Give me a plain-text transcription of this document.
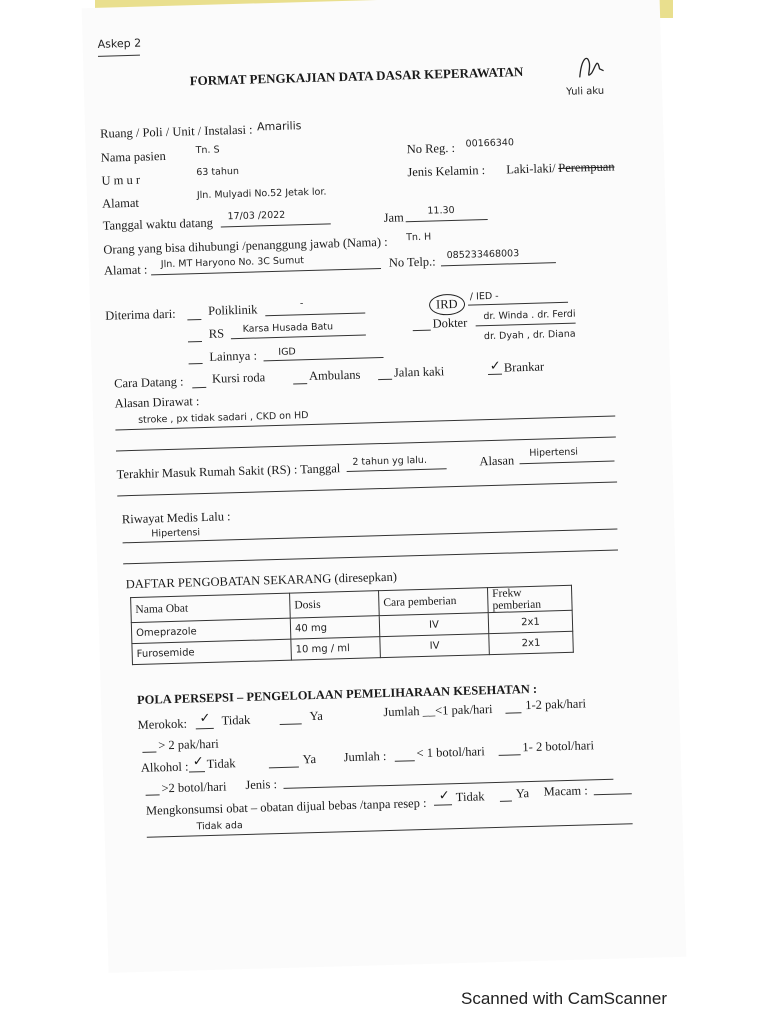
Askep 2
FORMAT PENGKAJIAN DATA DASAR KEPERAWATAN
Yuli aku
Ruang / Poli / Unit / Instalasi : Amarilis
Nama pasien	Tn. S	No Reg. : 00166340
U m u r
63 tahun	Jenis Kelamin : Laki-laki/ Perempuan
Alamat
Jln. Mulyadi No.52 Jetak lor.
Tanggal waktu datang 17/03 /2022	Jam 11.30
Orang yang bisa dihubungi /penanggung jawab (Nama) : Tn. H
Alamat : Jln. MT Haryono No. 3C Sumut	No Telp.: 085233468003
Diterima dari:	Poliklinik	-	IRD
/ IED -
RS Karsa Husada Batu	Dokter
dr. Winda . dr. Ferdi
dr. Dyah , dr. Diana
Lainnya : IGD
Cara Datang : Kursi roda	Ambulans	Jalan kaki	✓ Brankar
Alasan Dirawat :
stroke , px tidak sadari , CKD on HD
Terakhir Masuk Rumah Sakit (RS) : Tanggal 2 tahun yg lalu.	Alasan
Hipertensi
Riwayat Medis Lalu :
Hipertensi
DAFTAR PENGOBATAN SEKARANG (diresepkan)
Nama Obat	Dosis	Cara pemberian	Frekw pemberian
Omeprazole	40 mg	IV	2x1
Furosemide	10 mg / ml	IV	2x1
POLA PERSEPSI – PENGELOLAAN PEMELIHARAAN KESEHATAN :
Merokok: ✓ Tidak	Ya	Jumlah __<1 pak/hari	1-2 pak/hari
> 2 pak/hari
Alkohol : ✓ Tidak	Ya Jumlah : < 1 botol/hari	1- 2 botol/hari
>2 botol/hari Jenis :
Mengkonsumsi obat – obatan dijual bebas /tanpa resep :
✓ Tidak Ya Macam :
Tidak ada
Scanned with CamScanner
